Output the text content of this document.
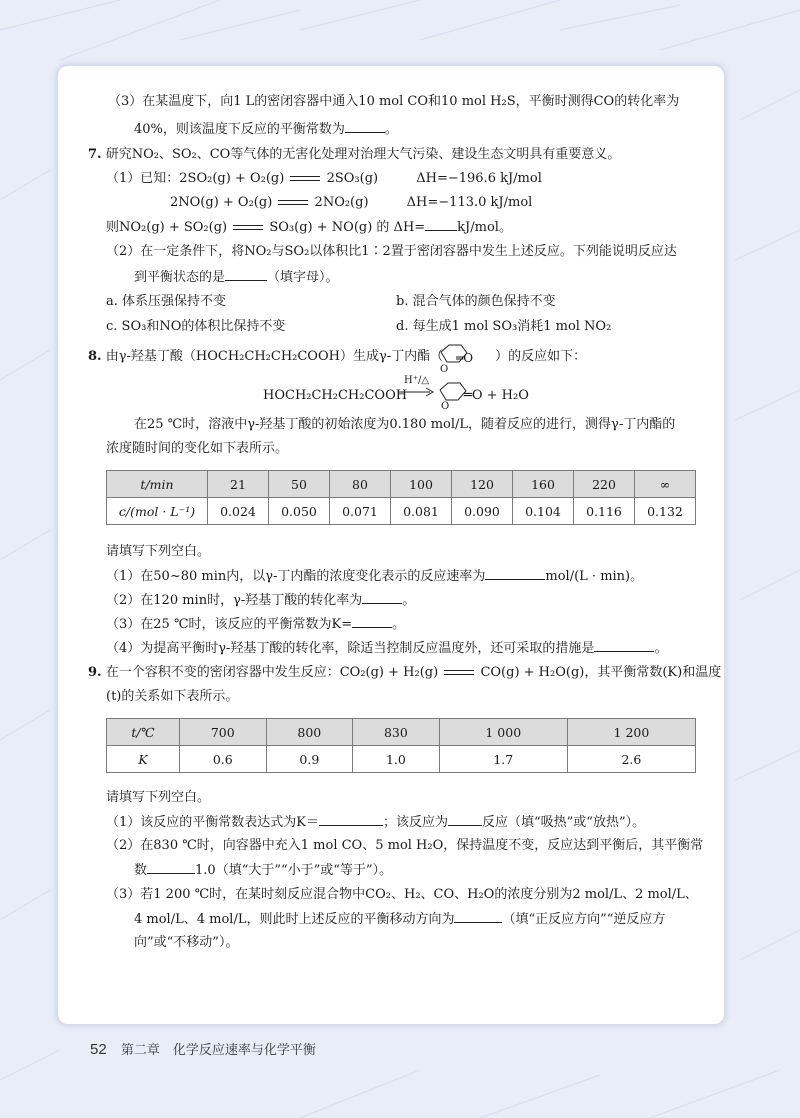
（3）在某温度下，向1 L的密闭容器中通入10 mol CO和10 mol H₂S，平衡时测得CO的转化率为
40%，则该温度下反应的平衡常数为	。
7. 研究NO₂、SO₂、CO等气体的无害化处理对治理大气污染、建设生态文明具有重要意义。
（1）已知：2SO₂(g) + O₂(g)	2SO₃(g)	ΔH=−196.6 kJ/mol
2NO(g) + O₂(g)	2NO₂(g)	ΔH=−113.0 kJ/mol
则NO₂(g) + SO₂(g)	SO₃(g) + NO(g) 的 ΔH= kJ/mol。
（2）在一定条件下，将NO₂与SO₂以体积比1∶2置于密闭容器中发生上述反应。下列能说明反应达
到平衡状态的是	（填字母）。
a. 体系压强保持不变	b. 混合气体的颜色保持不变
c. SO₃和NO的体积比保持不变	d. 每生成1 mol SO₃消耗1 mol NO₂
8. 由γ-羟基丁酸（HOCH₂CH₂CH₂COOH）生成γ-丁内酯（	）的反应如下：
═O
O
HOCH₂CH₂CH₂COOH
H⁺/△
O
═O + H₂O
在25 ℃时，溶液中γ-羟基丁酸的初始浓度为0.180 mol/L，随着反应的进行，测得γ-丁内酯的
浓度随时间的变化如下表所示。
t/min	21	50	80	100	120	160	220	∞
c/(mol · L⁻¹)	0.024	0.050	0.071	0.081	0.090	0.104	0.116	0.132
请填写下列空白。
（1）在50~80 min内，以γ-丁内酯的浓度变化表示的反应速率为	mol/(L · min)。
（2）在120 min时，γ-羟基丁酸的转化率为	。
（3）在25 ℃时，该反应的平衡常数为K=	。
（4）为提高平衡时γ-羟基丁酸的转化率，除适当控制反应温度外，还可采取的措施是	。
9. 在一个容积不变的密闭容器中发生反应：CO₂(g) + H₂(g)	CO(g) + H₂O(g)，其平衡常数(K)和温度
(t)的关系如下表所示。
t/℃	700	800	830	1 000	1 200
K	0.6	0.9	1.0	1.7	2.6
请填写下列空白。
（1）该反应的平衡常数表达式为K＝	；该反应为	反应（填“吸热”或“放热”）。
（2）在830 ℃时，向容器中充入1 mol CO、5 mol H₂O，保持温度不变，反应达到平衡后，其平衡常
数	1.0（填“大于”“小于”或“等于”）。
（3）若1 200 ℃时，在某时刻反应混合物中CO₂、H₂、CO、H₂O的浓度分别为2 mol/L、2 mol/L、
4 mol/L、4 mol/L，则此时上述反应的平衡移动方向为	（填“正反应方向”“逆反应方
向”或“不移动”）。
52 第二章　化学反应速率与化学平衡
